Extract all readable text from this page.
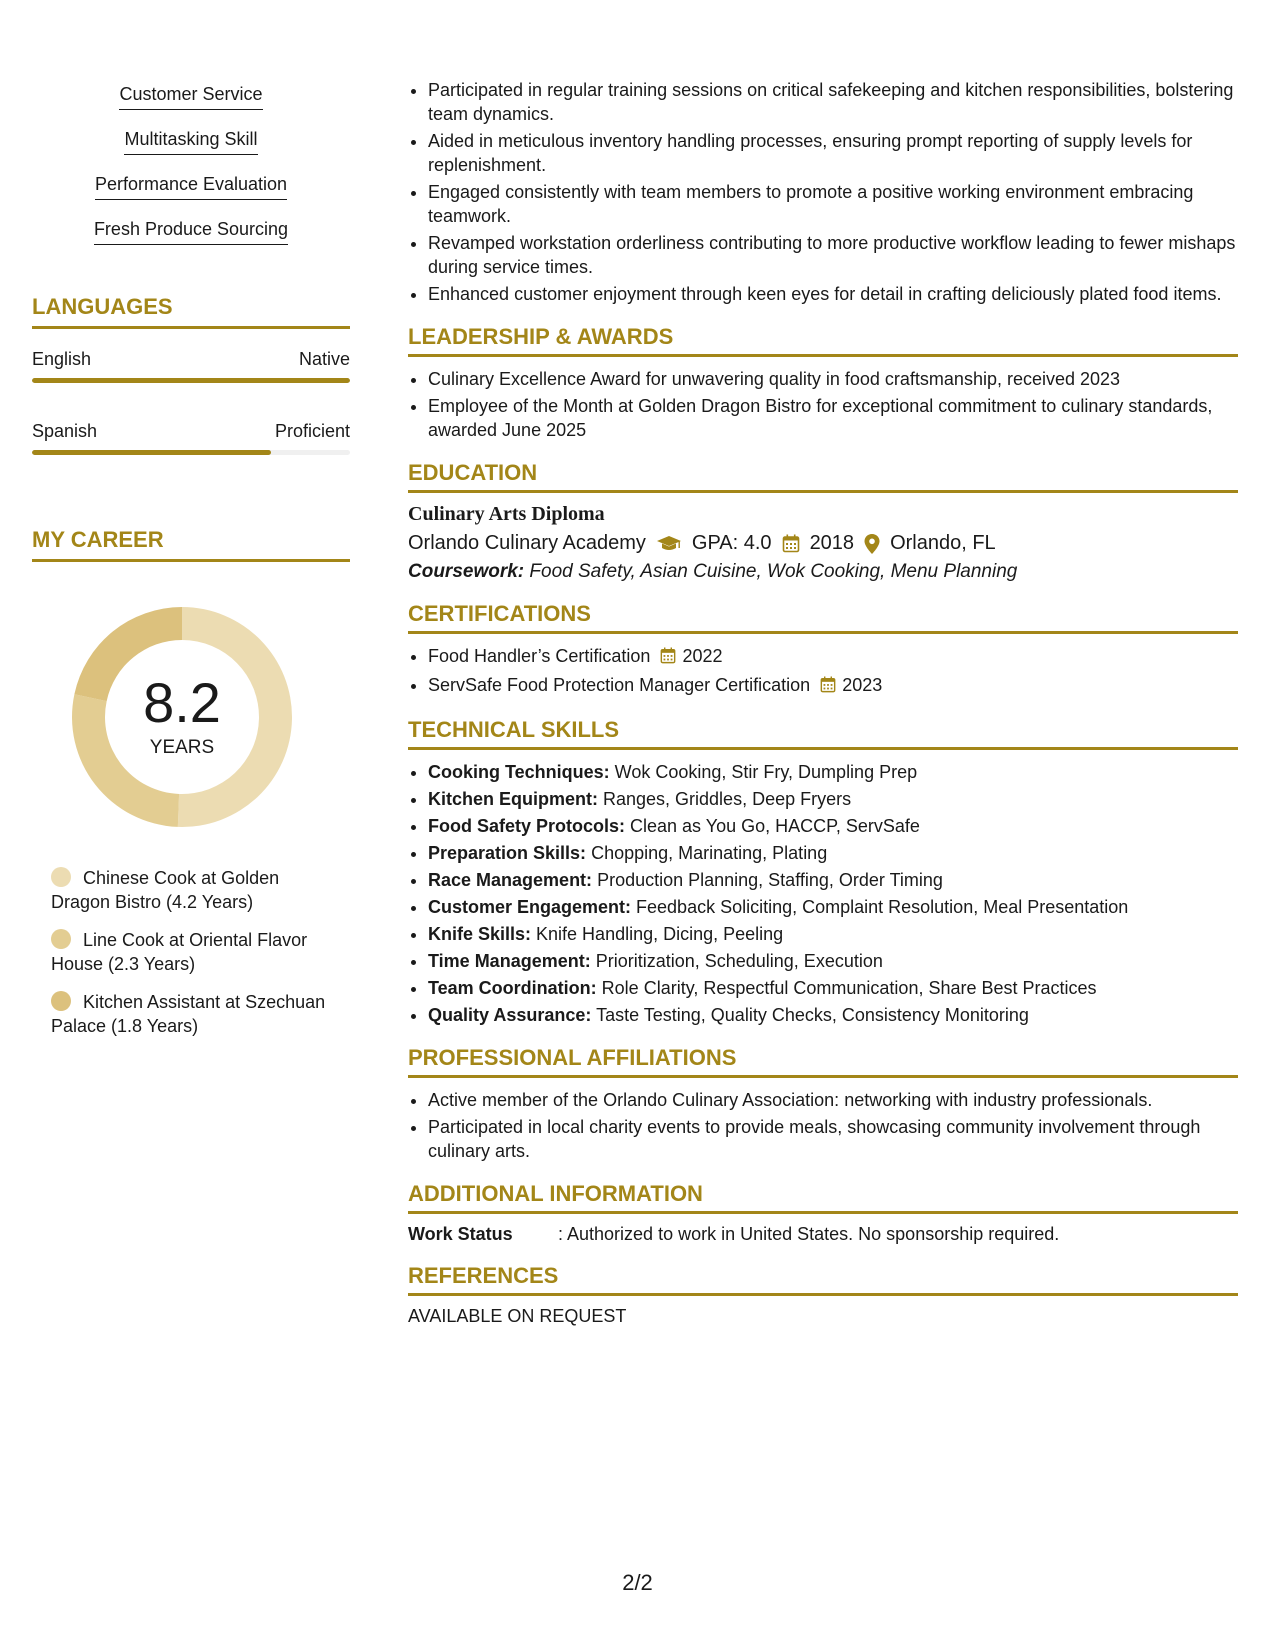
Customer Service
Multitasking Skill
Performance Evaluation
Fresh Produce Sourcing
LANGUAGES
English	Native
Spanish	Proficient
MY CAREER
8.2
YEARS
Chinese Cook at Golden Dragon Bistro (4.2 Years)
Line Cook at Oriental Flavor House (2.3 Years)
Kitchen Assistant at Szechuan Palace (1.8 Years)
• Participated in regular training sessions on critical safekeeping and kitchen responsibilities, bolstering team dynamics.
• Aided in meticulous inventory handling processes, ensuring prompt reporting of supply levels for replenishment.
• Engaged consistently with team members to promote a positive working environment embracing teamwork.
• Revamped workstation orderliness contributing to more productive workflow leading to fewer mishaps during service times.
• Enhanced customer enjoyment through keen eyes for detail in crafting deliciously plated food items.
LEADERSHIP & AWARDS
• Culinary Excellence Award for unwavering quality in food craftsmanship, received 2023
• Employee of the Month at Golden Dragon Bistro for exceptional commitment to culinary standards, awarded June 2025
EDUCATION
Culinary Arts Diploma
Orlando Culinary Academy GPA: 4.0 2018 Orlando, FL
Coursework: Food Safety, Asian Cuisine, Wok Cooking, Menu Planning
CERTIFICATIONS
• Food Handler’s Certification 2022
• ServSafe Food Protection Manager Certification 2023
TECHNICAL SKILLS
• Cooking Techniques: Wok Cooking, Stir Fry, Dumpling Prep
• Kitchen Equipment: Ranges, Griddles, Deep Fryers
• Food Safety Protocols: Clean as You Go, HACCP, ServSafe
• Preparation Skills: Chopping, Marinating, Plating
• Race Management: Production Planning, Staffing, Order Timing
• Customer Engagement: Feedback Soliciting, Complaint Resolution, Meal Presentation
• Knife Skills: Knife Handling, Dicing, Peeling
• Time Management: Prioritization, Scheduling, Execution
• Team Coordination: Role Clarity, Respectful Communication, Share Best Practices
• Quality Assurance: Taste Testing, Quality Checks, Consistency Monitoring
PROFESSIONAL AFFILIATIONS
• Active member of the Orlando Culinary Association: networking with industry professionals.
• Participated in local charity events to provide meals, showcasing community involvement through culinary arts.
ADDITIONAL INFORMATION
Work Status	: Authorized to work in United States. No sponsorship required.
REFERENCES
AVAILABLE ON REQUEST
2/2
